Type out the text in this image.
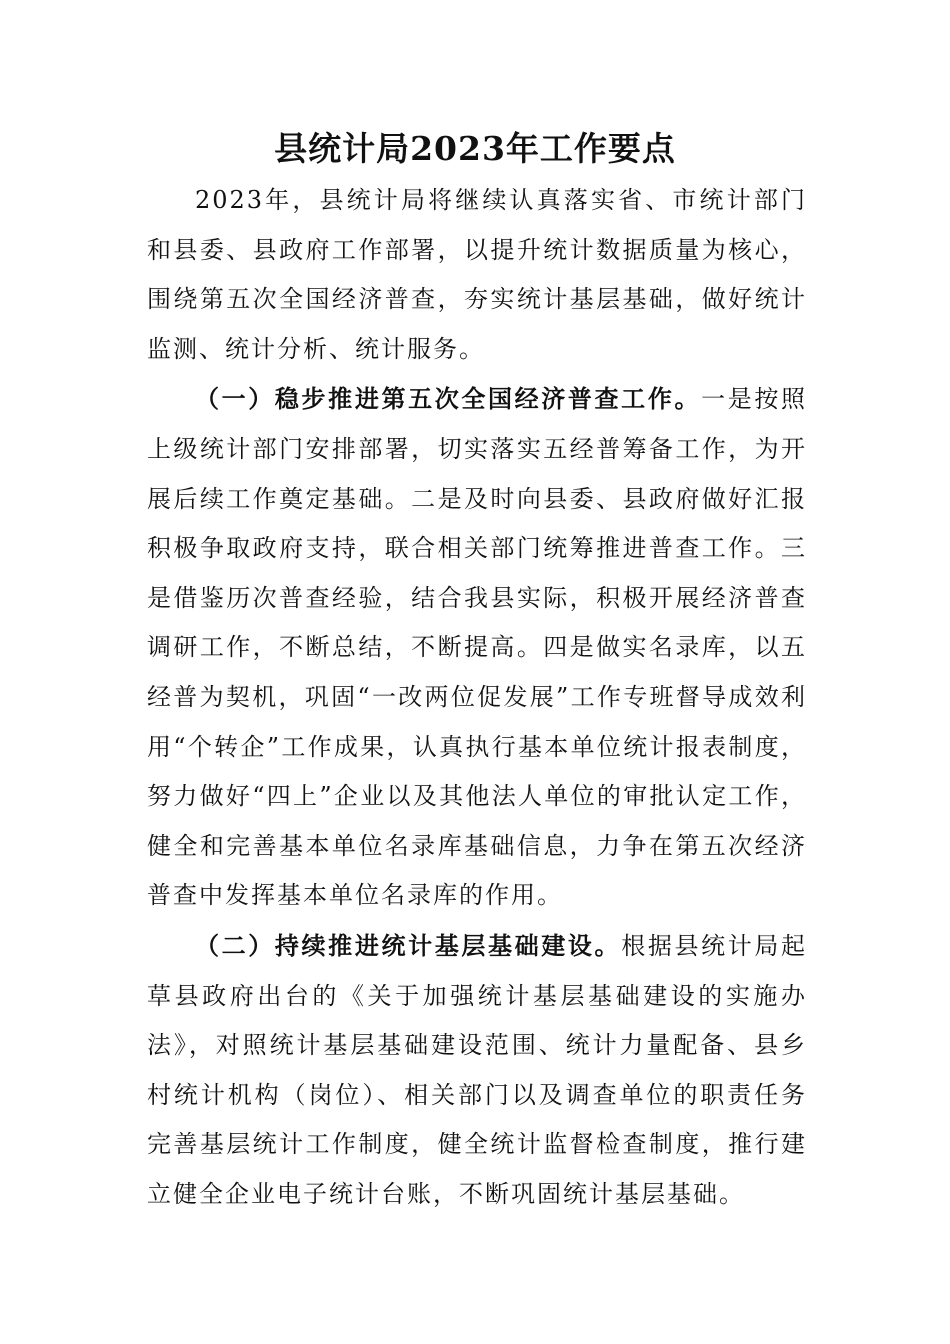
县统计局2023年工作要点

2023年，县统计局将继续认真落实省、市统计部门和县委、县政府工作部署，以提升统计数据质量为核心，围绕第五次全国经济普查，夯实统计基层基础，做好统计监测、统计分析、统计服务。

（一）稳步推进第五次全国经济普查工作。一是按照上级统计部门安排部署，切实落实五经普筹备工作，为开展后续工作奠定基础。二是及时向县委、县政府做好汇报积极争取政府支持，联合相关部门统筹推进普查工作。三是借鉴历次普查经验，结合我县实际，积极开展经济普查调研工作，不断总结，不断提高。四是做实名录库，以五经普为契机，巩固“一改两位促发展”工作专班督导成效利用“个转企”工作成果，认真执行基本单位统计报表制度，努力做好“四上”企业以及其他法人单位的审批认定工作，健全和完善基本单位名录库基础信息，力争在第五次经济普查中发挥基本单位名录库的作用。

（二）持续推进统计基层基础建设。根据县统计局起草县政府出台的《关于加强统计基层基础建设的实施办法》，对照统计基层基础建设范围、统计力量配备、县乡村统计机构（岗位）、相关部门以及调查单位的职责任务完善基层统计工作制度，健全统计监督检查制度，推行建立健全企业电子统计台账，不断巩固统计基层基础。
